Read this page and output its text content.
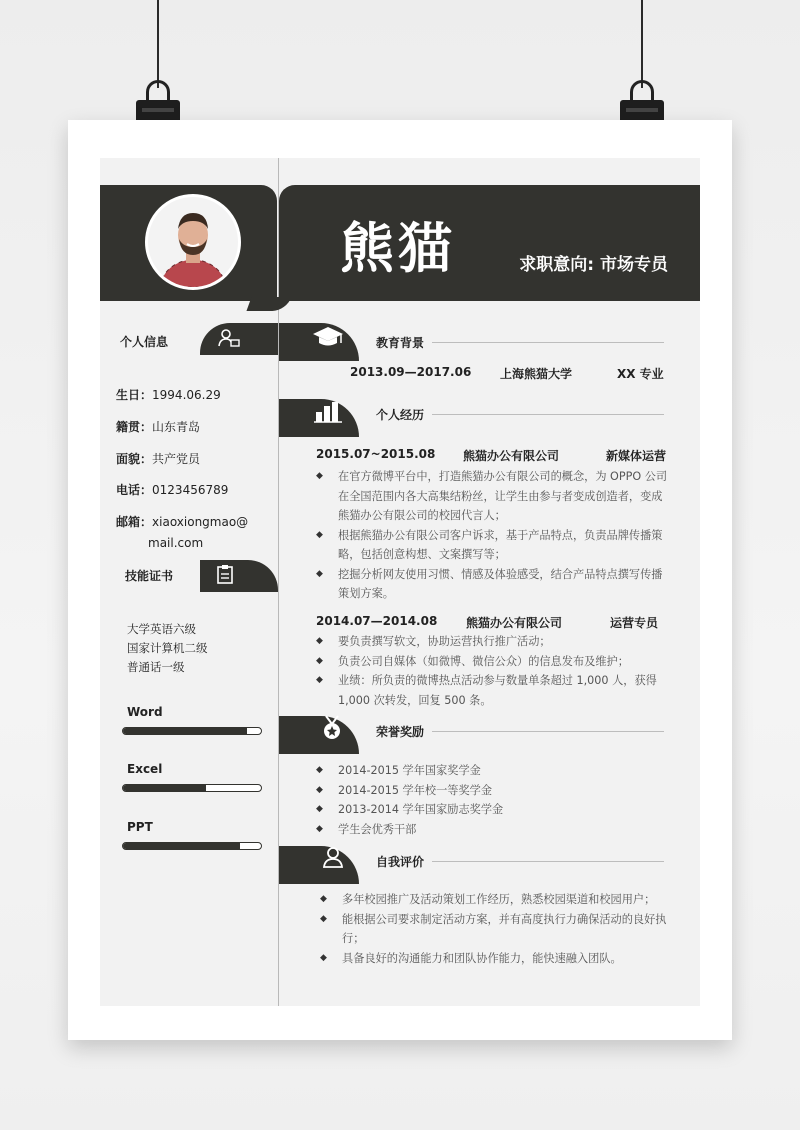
熊猫	求职意向: 市场专员
个人信息
生日：1994.06.29
籍贯：山东青岛
面貌：共产党员
电话：0123456789
邮箱：xiaoxiongmao@
mail.com
技能证书
大学英语六级
国家计算机二级
普通话一级
Word
Excel
PPT
教育背景
2013.09—2017.06 上海熊猫大学	XX 专业
个人经历
2015.07~2015.08 熊猫办公有限公司	新媒体运营
◆ 在官方微博平台中，打造熊猫办公有限公司的概念，为 OPPO 公司在全国范围内各大高集结粉丝，让学生由参与者变成创造者，变成熊猫办公有限公司的校园代言人；
◆ 根据熊猫办公有限公司客户诉求，基于产品特点，负责品牌传播策略，包括创意构想、文案撰写等；
◆ 挖掘分析网友使用习惯、情感及体验感受，结合产品特点撰写传播策划方案。
2014.07—2014.08 熊猫办公有限公司	运营专员
◆ 要负责撰写软文，协助运营执行推广活动；
◆ 负责公司自媒体（如微博、微信公众）的信息发布及维护；
◆ 业绩：所负责的微博热点活动参与数量单条超过 1,000 人，获得 1,000 次转发，回复 500 条。
荣誉奖励
◆ 2014-2015 学年国家奖学金
◆ 2014-2015 学年校一等奖学金
◆ 2013-2014 学年国家励志奖学金
◆ 学生会优秀干部
自我评价
◆ 多年校园推广及活动策划工作经历，熟悉校园渠道和校园用户；
◆ 能根据公司要求制定活动方案，并有高度执行力确保活动的良好执行；
◆ 具备良好的沟通能力和团队协作能力，能快速融入团队。
